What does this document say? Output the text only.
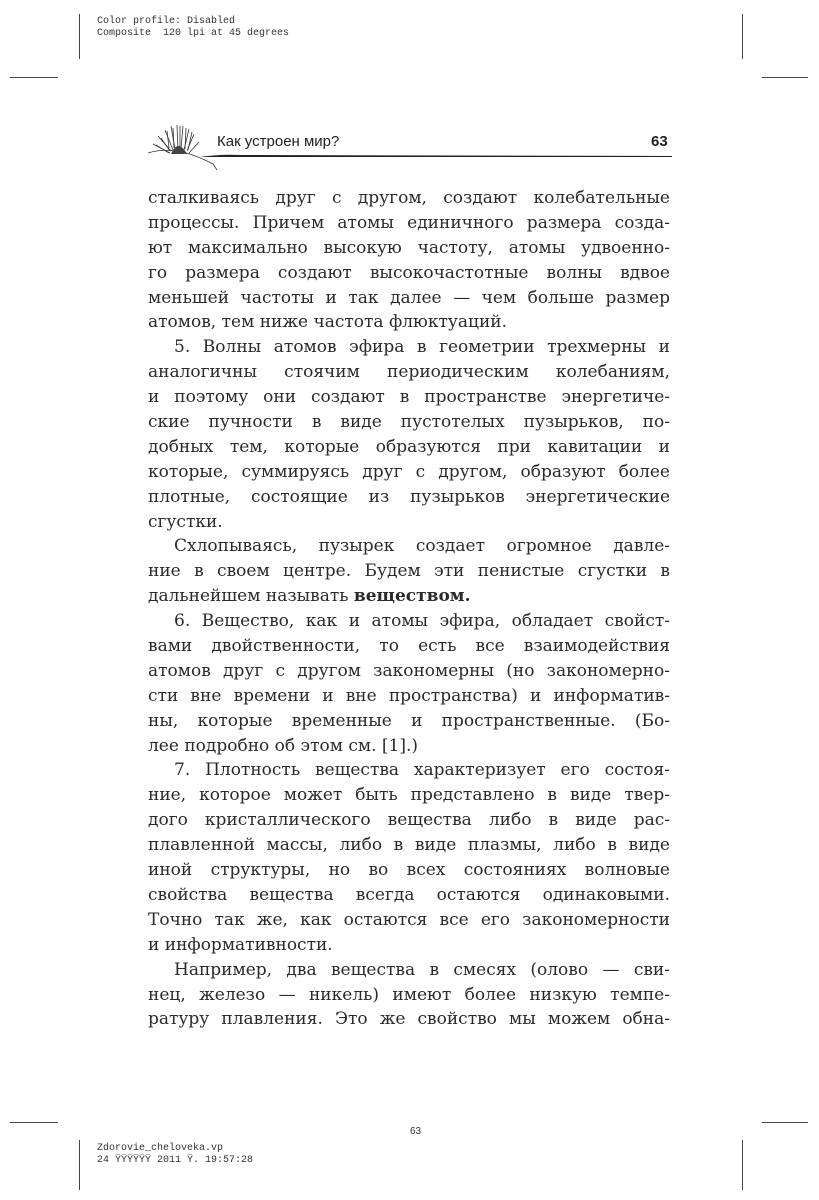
Color profile: Disabled
Composite  120 lpi at 45 degrees
Как устроен мир?	63
сталкиваясь друг с другом, создают колебательные
процессы. Причем атомы единичного размера созда-
ют максимально высокую частоту, атомы удвоенно-
го размера создают высокочастотные волны вдвое
меньшей частоты и так далее — чем больше размер
атомов, тем ниже частота флюктуаций.
5. Волны атомов эфира в геометрии трехмерны и
аналогичны стоячим периодическим колебаниям,
и поэтому они создают в пространстве энергетиче-
ские пучности в виде пустотелых пузырьков, по-
добных тем, которые образуются при кавитации и
которые, суммируясь друг с другом, образуют более
плотные, состоящие из пузырьков энергетические
сгустки.
Схлопываясь, пузырек создает огромное давле-
ние в своем центре. Будем эти пенистые сгустки в
дальнейшем называть веществом.
6. Вещество, как и атомы эфира, обладает свойст-
вами двойственности, то есть все взаимодействия
атомов друг с другом закономерны (но закономерно-
сти вне времени и вне пространства) и информатив-
ны, которые временные и пространственные. (Бо-
лее подробно об этом см. [1].)
7. Плотность вещества характеризует его состоя-
ние, которое может быть представлено в виде твер-
дого кристаллического вещества либо в виде рас-
плавленной массы, либо в виде плазмы, либо в виде
иной структуры, но во всех состояниях волновые
свойства вещества всегда остаются одинаковыми.
Точно так же, как остаются все его закономерности
и информативности.
Например, два вещества в смесях (олово — сви-
нец, железо — никель) имеют более низкую темпе-
ратуру плавления. Это же свойство мы можем обна-
63
Zdorovie_cheloveka.vp
24 ŸŸŸŸŸŸ 2011 Ÿ. 19:57:28
